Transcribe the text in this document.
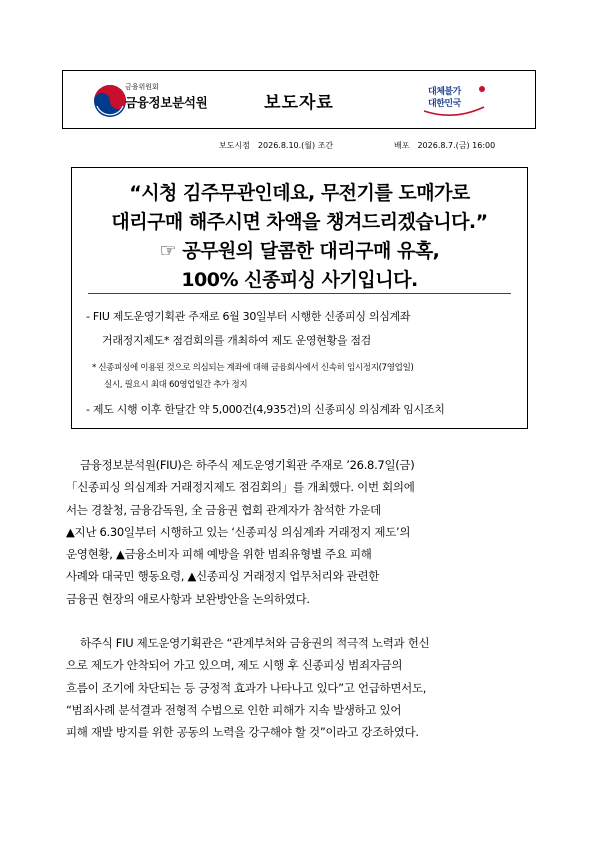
금융위원회
금융정보분석원	보도자료
대체불가
대한민국
보도시점 2026.8.10.(월) 조간	배포 2026.8.7.(금) 16:00
“시청 김주무관인데요, 무전기를 도매가로
대리구매 해주시면 차액을 챙겨드리겠습니다.”
☞ 공무원의 달콤한 대리구매 유혹,
100% 신종피싱 사기입니다.
- FIU 제도운영기획관 주재로 6월 30일부터 시행한 신종피싱 의심계좌
거래정지제도* 점검회의를 개최하여 제도 운영현황을 점검
* 신종피싱에 이용된 것으로 의심되는 계좌에 대해 금융회사에서 신속히 임시정지(7영업일)
실시, 필요시 최대 60영업일간 추가 정지
- 제도 시행 이후 한달간 약 5,000건(4,935건)의 신종피싱 의심계좌 임시조치
금융정보분석원(FIU)은 하주식 제도운영기획관 주재로 ’26.8.7일(금)
「신종피싱 의심계좌 거래정지제도 점검회의」를 개최했다. 이번 회의에
서는 경찰청, 금융감독원, 全 금융권 협회 관계자가 참석한 가운데
▲지난 6.30일부터 시행하고 있는 ‘신종피싱 의심계좌 거래정지 제도’의
운영현황, ▲금융소비자 피해 예방을 위한 범죄유형별 주요 피해
사례와 대국민 행동요령, ▲신종피싱 거래정지 업무처리와 관련한
금융권 현장의 애로사항과 보완방안을 논의하였다.
하주식 FIU 제도운영기획관은 “관계부처와 금융권의 적극적 노력과 헌신
으로 제도가 안착되어 가고 있으며, 제도 시행 후 신종피싱 범죄자금의
흐름이 조기에 차단되는 등 긍정적 효과가 나타나고 있다”고 언급하면서도,
“범죄사례 분석결과 전형적 수법으로 인한 피해가 지속 발생하고 있어
피해 재발 방지를 위한 공동의 노력을 강구해야 할 것”이라고 강조하였다.
